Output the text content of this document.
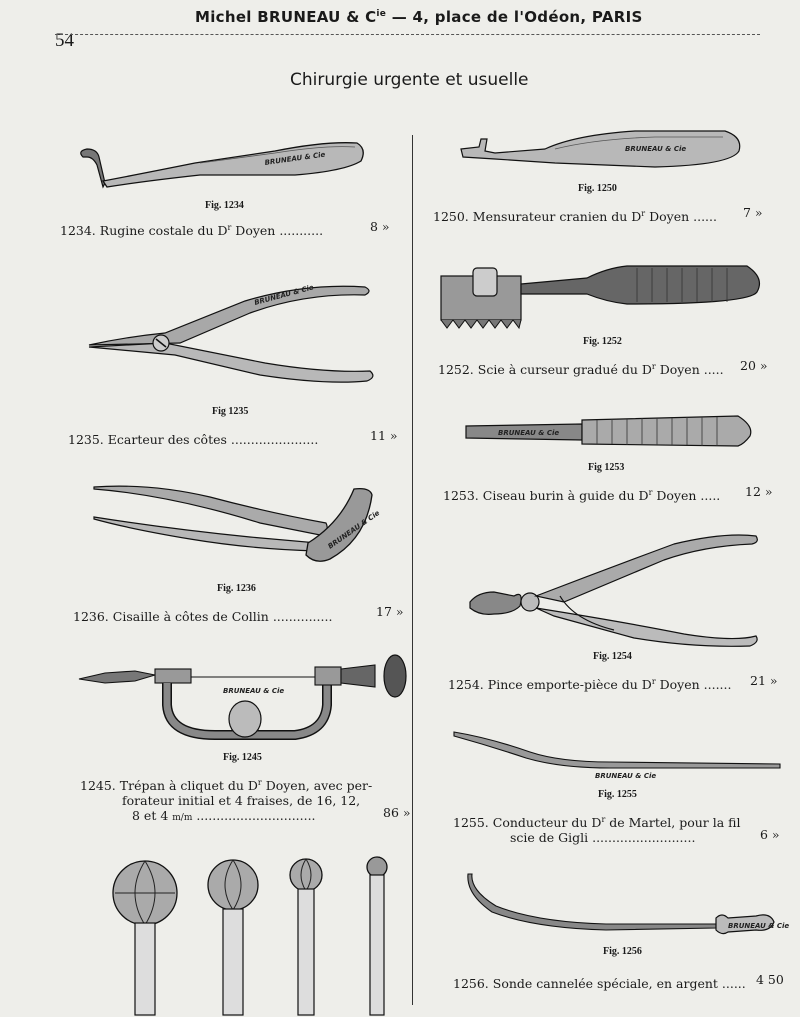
54
Michel BRUNEAU & $C^{ie}$ — 4, place de l'Odéon, PARIS
Chirurgie urgente et usuelle
BRUNEAU & Cie
Fig. 1234
1234. Rugine costale du $D^r$ Doyen ...........	8 »
BRUNEAU & Cie
Fig 1235
1235. Ecarteur des côtes ......................	11 »
BRUNEAU & Cie
Fig. 1236
1236. Cisaille à côtes de Collin ...............	17 »
BRUNEAU & Cie
Fig. 1245
1245. Trépan à cliquet du $D^r$ Doyen, avec per-
forateur initial et 4 fraises, de 16, 12,
8 et 4 m/m ..............................	86 »
BRUNEAU & Cie
Fig. 1250
1250. Mensurateur cranien du $D^r$ Doyen ...... 7 »
Fig. 1252
1252. Scie à curseur gradué du $D^r$ Doyen ..... 20 »
BRUNEAU & Cie
Fig 1253
1253. Ciseau burin à guide du $D^r$ Doyen ..... 12 »
Fig. 1254
1254. Pince emporte-pièce du $D^r$ Doyen ....... 21 »
BRUNEAU & Cie
Fig. 1255
1255. Conducteur du $D^r$ de Martel, pour la fil
scie de Gigli ..........................	6 »
BRUNEAU & Cie
Fig. 1256
1256. Sonde cannelée spéciale, en argent ...... 4 50
